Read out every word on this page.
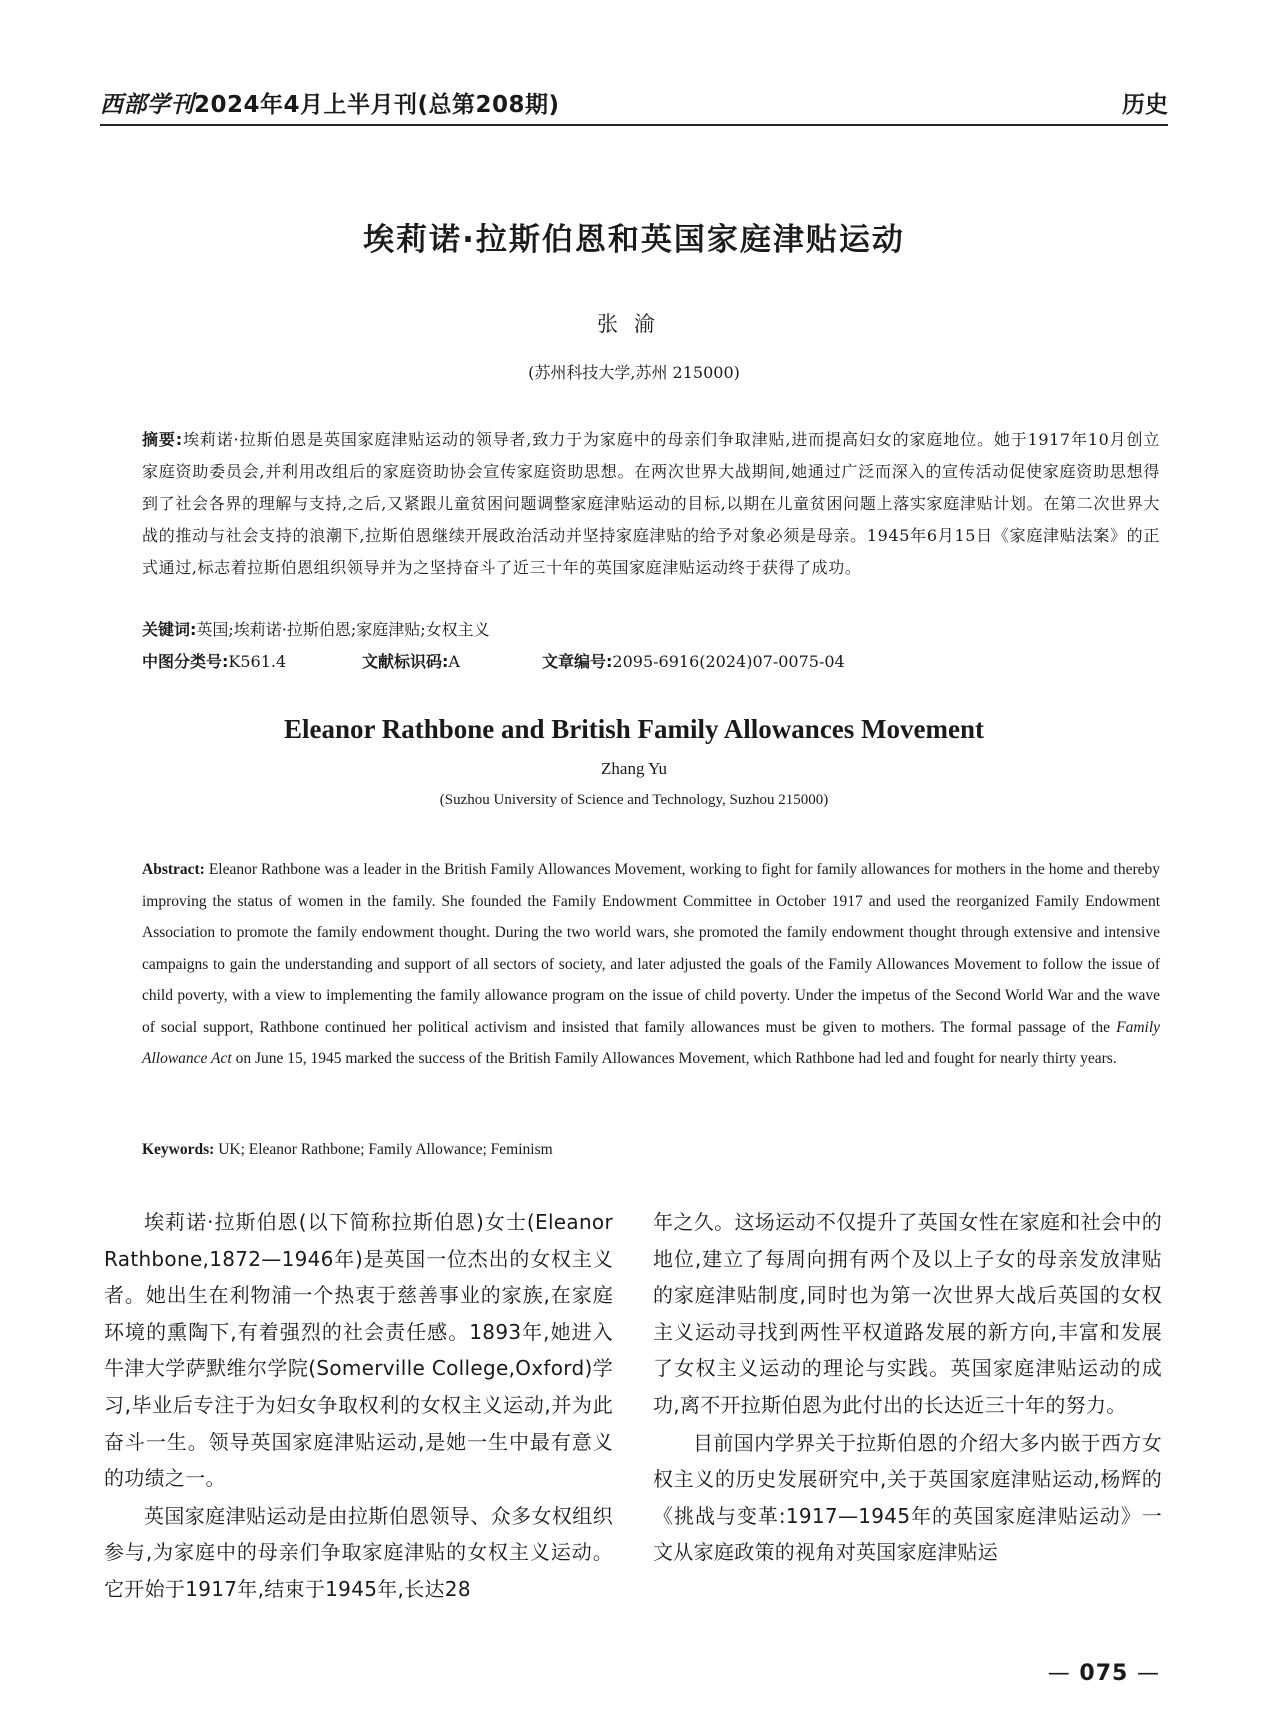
西部学刊2024年4月上半月刊(总第208期)	历史
埃莉诺·拉斯伯恩和英国家庭津贴运动
张渝
(苏州科技大学,苏州 215000)
摘要:埃莉诺·拉斯伯恩是英国家庭津贴运动的领导者,致力于为家庭中的母亲们争取津贴,进而提高妇女的家庭地位。她于1917年10月创立家庭资助委员会,并利用改组后的家庭资助协会宣传家庭资助思想。在两次世界大战期间,她通过广泛而深入的宣传活动促使家庭资助思想得到了社会各界的理解与支持,之后,又紧跟儿童贫困问题调整家庭津贴运动的目标,以期在儿童贫困问题上落实家庭津贴计划。在第二次世界大战的推动与社会支持的浪潮下,拉斯伯恩继续开展政治活动并坚持家庭津贴的给予对象必须是母亲。1945年6月15日《家庭津贴法案》的正式通过,标志着拉斯伯恩组织领导并为之坚持奋斗了近三十年的英国家庭津贴运动终于获得了成功。
关键词:英国;埃莉诺·拉斯伯恩;家庭津贴;女权主义
中图分类号:K561.4	文献标识码:A	文章编号:2095-6916(2024)07-0075-04
Eleanor Rathbone and British Family Allowances Movement
Zhang Yu
(Suzhou University of Science and Technology, Suzhou 215000)
Abstract: Eleanor Rathbone was a leader in the British Family Allowances Movement, working to fight for family allowances for mothers in the home and thereby improving the status of women in the family. She founded the Family Endowment Committee in October 1917 and used the reorganized Family Endowment Association to promote the family endowment thought. During the two world wars, she promoted the family endowment thought through extensive and intensive campaigns to gain the understanding and support of all sectors of society, and later adjusted the goals of the Family Allowances Movement to follow the issue of child poverty, with a view to implementing the family allowance program on the issue of child poverty. Under the impetus of the Second World War and the wave of social support, Rathbone continued her political activism and insisted that family allowances must be given to mothers. The formal passage of the Family Allowance Act on June 15, 1945 marked the success of the British Family Allowances Movement, which Rathbone had led and fought for nearly thirty years.
Keywords: UK; Eleanor Rathbone; Family Allowance; Feminism

埃莉诺·拉斯伯恩(以下简称拉斯伯恩)女士(Eleanor Rathbone,1872—1946年)是英国一位杰出的女权主义者。她出生在利物浦一个热衷于慈善事业的家族,在家庭环境的熏陶下,有着强烈的社会责任感。1893年,她进入牛津大学萨默维尔学院(Somerville College,Oxford)学习,毕业后专注于为妇女争取权利的女权主义运动,并为此奋斗一生。领导英国家庭津贴运动,是她一生中最有意义的功绩之一。

英国家庭津贴运动是由拉斯伯恩领导、众多女权组织参与,为家庭中的母亲们争取家庭津贴的女权主义运动。它开始于1917年,结束于1945年,长达28

年之久。这场运动不仅提升了英国女性在家庭和社会中的地位,建立了每周向拥有两个及以上子女的母亲发放津贴的家庭津贴制度,同时也为第一次世界大战后英国的女权主义运动寻找到两性平权道路发展的新方向,丰富和发展了女权主义运动的理论与实践。英国家庭津贴运动的成功,离不开拉斯伯恩为此付出的长达近三十年的努力。

目前国内学界关于拉斯伯恩的介绍大多内嵌于西方女权主义的历史发展研究中,关于英国家庭津贴运动,杨辉的《挑战与变革:1917—1945年的英国家庭津贴运动》一文从家庭政策的视角对英国家庭津贴运

— 075 —
